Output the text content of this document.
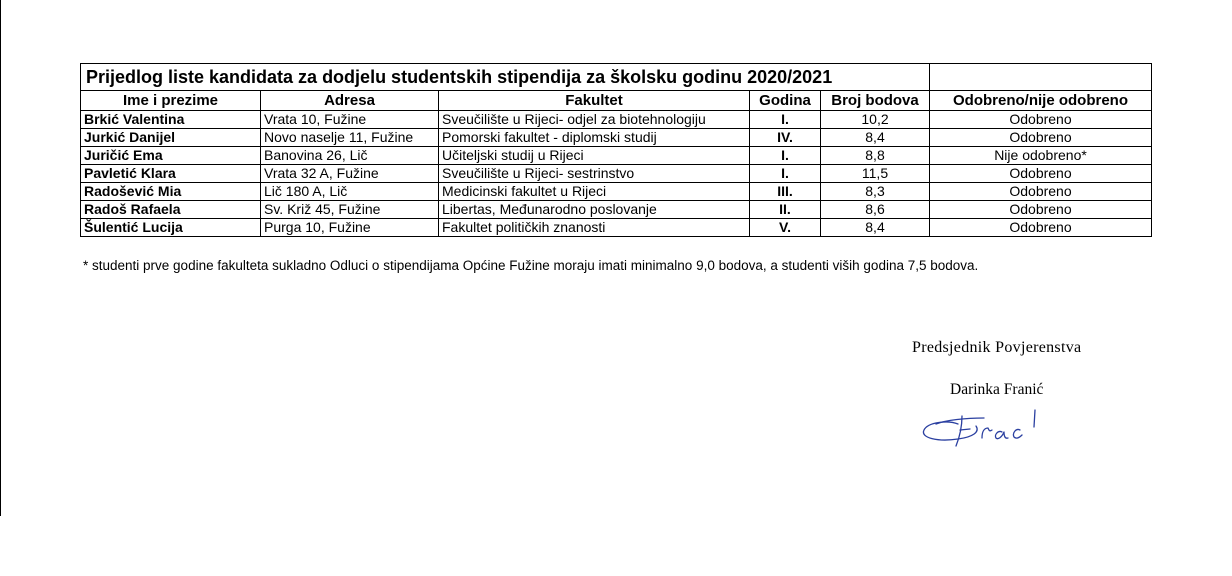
Prijedlog liste kandidata za dodjelu studentskih stipendija za školsku godinu 2020/2021					
Ime i prezime	Adresa	Fakultet	Godina	Broj bodova	Odobreno/nije odobreno
Brkić Valentina	Vrata 10, Fužine	Sveučilište u Rijeci- odjel za biotehnologiju	I.	10,2	Odobreno
Jurkić Danijel	Novo naselje 11, Fužine	Pomorski fakultet - diplomski studij	IV.	8,4	Odobreno
Juričić Ema	Banovina 26, Lič	Učiteljski studij u Rijeci	I.	8,8	Nije odobreno*
Pavletić Klara	Vrata 32 A, Fužine	Sveučilište u Rijeci- sestrinstvo	I.	11,5	Odobreno
Radošević Mia	Lič 180 A, Lič	Medicinski fakultet u Rijeci	III.	8,3	Odobreno
Radoš Rafaela	Sv. Križ 45, Fužine	Libertas, Međunarodno poslovanje	II.	8,6	Odobreno
Šulentić Lucija	Purga 10, Fužine	Fakultet političkih znanosti	V.	8,4	Odobreno
* studenti prve godine fakulteta sukladno Odluci o stipendijama Općine Fužine moraju imati minimalno 9,0 bodova, a studenti viših godina 7,5 bodova.
Predsjednik Povjerenstva
Darinka Franić
